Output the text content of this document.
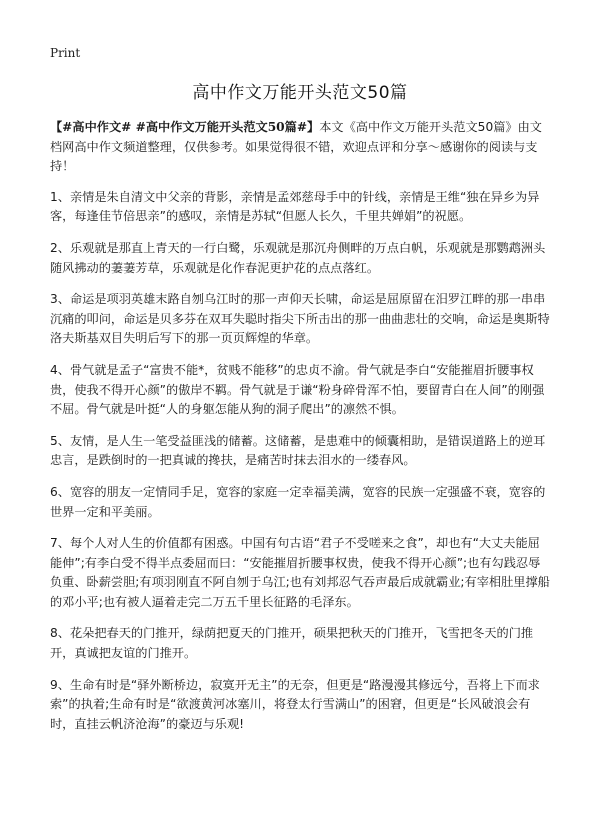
Print
高中作文万能开头范文50篇

【#高中作文# #高中作文万能开头范文50篇#】本文《高中作文万能开头范文50篇》由文档网高中作文频道整理，仅供参考。如果觉得很不错，欢迎点评和分享～感谢你的阅读与支持！

1、亲情是朱自清文中父亲的背影，亲情是孟郊慈母手中的针线，亲情是王维“独在异乡为异客，每逢佳节倍思亲”的感叹，亲情是苏轼“但愿人长久，千里共婵娟”的祝愿。

2、乐观就是那直上青天的一行白鹭，乐观就是那沉舟侧畔的万点白帆，乐观就是那鹦鹉洲头随风拂动的萋萋芳草，乐观就是化作春泥更护花的点点落红。

3、命运是项羽英雄末路自刎乌江时的那一声仰天长啸，命运是屈原留在汨罗江畔的那一串串沉痛的叩问，命运是贝多芬在双耳失聪时指尖下所击出的那一曲曲悲壮的交响，命运是奥斯特洛夫斯基双目失明后写下的那一页页辉煌的华章。

4、骨气就是孟子“富贵不能*，贫贱不能移”的忠贞不渝。骨气就是李白“安能摧眉折腰事权贵，使我不得开心颜”的傲岸不羁。骨气就是于谦“粉身碎骨浑不怕，要留青白在人间”的刚强不屈。骨气就是叶挺“人的身躯怎能从狗的洞子爬出”的凛然不惧。

5、友情，是人生一笔受益匪浅的储蓄。这储蓄，是患难中的倾囊相助，是错误道路上的逆耳忠言，是跌倒时的一把真诚的搀扶，是痛苦时抹去泪水的一缕春风。

6、宽容的朋友一定情同手足，宽容的家庭一定幸福美满，宽容的民族一定强盛不衰，宽容的世界一定和平美丽。

7、每个人对人生的价值都有困惑。中国有句古语“君子不受嗟来之食”，却也有“大丈夫能屈能伸”;有李白受不得半点委屈而曰：“安能摧眉折腰事权贵，使我不得开心颜”;也有勾践忍辱负重、卧薪尝胆;有项羽刚直不阿自刎于乌江;也有刘邦忍气吞声最后成就霸业;有宰相肚里撑船的邓小平;也有被人逼着走完二万五千里长征路的毛泽东。

8、花朵把春天的门推开，绿荫把夏天的门推开，硕果把秋天的门推开，飞雪把冬天的门推开，真诚把友谊的门推开。

9、生命有时是“驿外断桥边，寂寞开无主”的无奈，但更是“路漫漫其修远兮，吾将上下而求索”的执着;生命有时是“欲渡黄河冰塞川，将登太行雪满山”的困窘，但更是“长风破浪会有时，直挂云帆济沧海”的豪迈与乐观!
